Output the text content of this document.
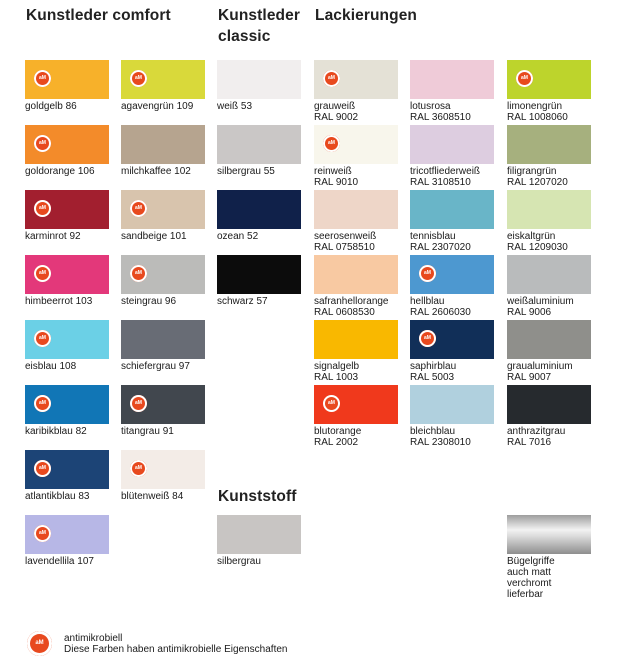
Kunstleder comfort	Kunstleder
classic
Lackierungen
Kunststoff
aM
goldgelb 86
aM
goldorange 106
aM
karminrot 92
aM
himbeerrot 103
aM
eisblau 108
aM
karibikblau 82
aM
atlantikblau 83
aM
lavendellila 107
aM
agavengrün 109
milchkaffee 102
aM
sandbeige 101
aM
steingrau 96
schiefergrau 97
aM
titangrau 91
aM
blütenweiß 84
weiß 53
silbergrau 55
ozean 52
schwarz 57
silbergrau
aM
grauweiß
RAL 9002
aM
reinweiß
RAL 9010
seerosenweiß
RAL 0758510
safranhellorange
RAL 0608530
signalgelb
RAL 1003
aM
blutorange
RAL 2002
lotusrosa
RAL 3608510
tricotfliederweiß
RAL 3108510
tennisblau
RAL 2307020
aM
hellblau
RAL 2606030
aM
saphirblau
RAL 5003
bleichblau
RAL 2308010
aM
limonengrün
RAL 1008060
filigrangrün
RAL 1207020
eiskaltgrün
RAL 1209030
weißaluminium
RAL 9006
graualuminium
RAL 9007
anthrazitgrau
RAL 7016
Bügelgriffe
auch matt
verchromt
lieferbar
aM antimikrobiell
Diese Farben haben antimikrobielle Eigenschaften
